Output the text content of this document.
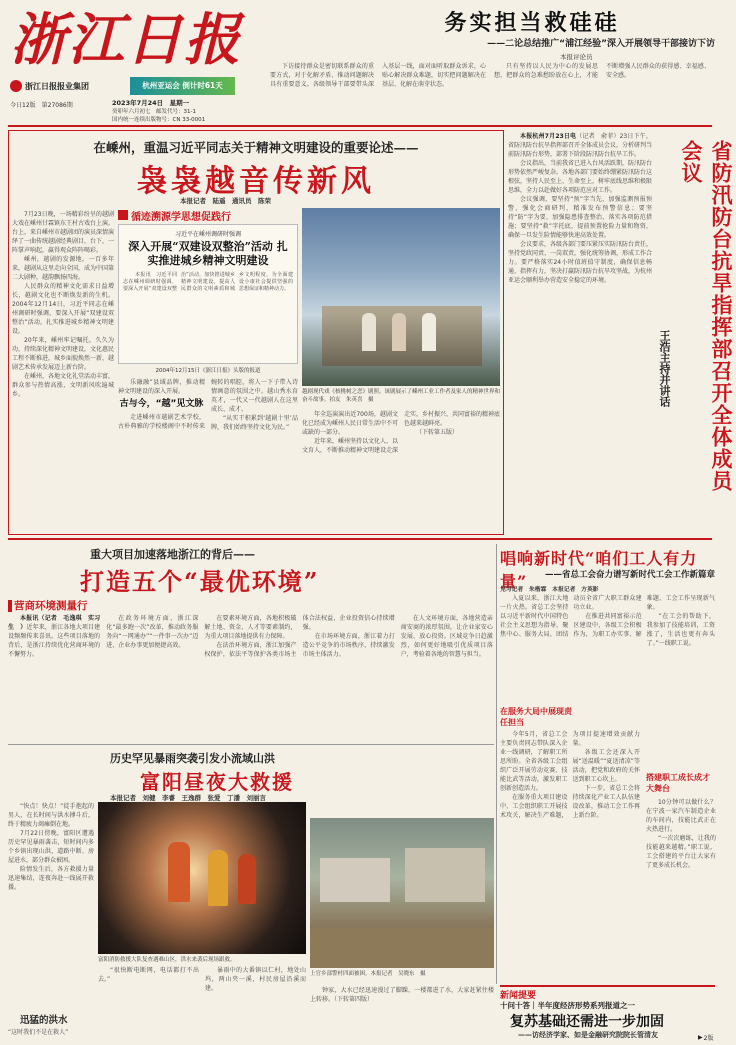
浙江日报
浙江日报报业集团	杭州亚运会 倒计时61天
今日12版　第27086期	2023年7月24日　星期一
癸卯年六月初七　邮发代号：31-1
国内统一连续出版物号：CN 33-0001
务实担当救硅硅
——二论总结推广“浦江经验”深入开展领导干部接访下访
本报评论员

下访接待群众是密切联系群众的重要方式，对于化解矛盾、推动问题解决具有重要意义。各级领导干部要带头深入基层一线，面对面听取群众诉求，心贴心解决群众难题，切实把问题解决在基层、化解在萌芽状态。

只有坚持以人民为中心的发展思想，把群众的急难愁盼放在心上，才能不断增强人民群众的获得感、幸福感、安全感。

在嵊州，重温习近平同志关于精神文明建设的重要论述——
袅袅越音传新风
本报记者　陆遥　通讯员　陈荣

7月23日晚，一场精彩纷呈的越剧大戏在嵊州甘霖镇东王村古戏台上演。台上，来自嵊州市越剧团的演员深情演绎了一曲传统越剧经典剧目，台下，一阵掌声响起，赢得观众阵阵喝彩。

嵊州，越剧的发源地。一百多年来，越剧从这里走向全国，成为中国第二大剧种，越韵飘扬四海。

人民群众的精神文化需求日益增长，越剧文化也不断焕发新的生机。2004年12月14日，习近平同志在嵊州调研时强调，要深入开展“双建设双整治”活动，扎实推进城乡精神文明建设。

20年来，嵊州牢记嘱托，久久为功，持续深化精神文明建设，文化惠民工程不断推进，城乡面貌焕然一新，越剧艺术传承发展迈上新台阶。

在嵊州，各地文化礼堂活动丰富，群众参与热情高涨，文明新风吹遍城乡。

循迹溯源学思想促践行
习近平在嵊州调研时强调
深入开展“双建设双整治”活动 扎实推进城乡精神文明建设

本报讯　习近平同志在嵊州调研时强调，要深入开展“双建设双整治”活动，加快推进城乡精神文明建设，提高人民群众的文明素质和城乡文明程度，为全面建设小康社会提供坚强的思想保证和精神动力。

2004年12月15日《浙江日报》头版的报道
越剧现代戏《核桃树之恋》剧照。该剧展示了嵊州工业工作者及家人的精神世界和奋斗故事。拍友　朱英喜　摄

乐融融”县域品牌，推动精神文明建设的深入开展。

古与今，“越”见文脉

走进嵊州市越剧艺术学校，古朴典雅的学校楼阁中不时传来婉转的唱腔，将人一下子带入诗情画意的氛围之中。越山秀水育英才，一代又一代越剧人在这里成长、成才。

“从实干积累到‘越剧十里’品牌，我们始终坚持文化为民。”

年全巡演演出近700场，越剧文化已经成为嵊州人民日常生活中不可或缺的一部分。

近年来，嵊州坚持以文化人、以文育人，不断推动精神文明建设走深走实，乡村振兴、共同富裕的精神底色越来越鲜亮。

（下转第五版）	省防汛防台抗旱指挥部召开全体成员会议
王浩主持并讲话

本报杭州7月23日电（记者　俞菲）23日下午，省防汛防台抗旱指挥部召开全体成员会议，分析研判当前防汛防台形势，部署下阶段防汛防台抗旱工作。

会议指出，当前我省已进入台风活跃期，防汛防台形势依然严峻复杂。各地各部门要始终绷紧防汛防台这根弦，坚持人民至上、生命至上，树牢底线思维和极限思维，全力以赴做好各项防范应对工作。

会议强调，要坚持“预”字当先，加强监测预报预警，强化会商研判，精准发布预警信息；要坚持“防”字为要，加强隐患排查整治，落实各项防范措施；要坚持“救”字托底，提前预置抢险力量和物资，确保一旦发生险情能够快速高效处置。

会议要求，各级各部门要压紧压实防汛防台责任，坚持党政同责、一岗双责，强化统筹协调，形成工作合力。要严格落实24小时值班值守制度，确保信息畅通、指挥有力，坚决打赢防汛防台抗旱攻坚战，为杭州亚运会顺利举办营造安全稳定的环境。

重大项目加速落地浙江的背后——
打造五个“最优环境”
营商环境测量行

本报讯（记者　毛逸琪　实习生　）近年来，浙江各地大项目建设频频传来喜讯。这些项目落地的背后，是浙江持续优化营商环境的不懈努力。

在政务环境方面，浙江深化“最多跑一次”改革，推动政务服务向“一网通办”“一件事一次办”迈进，企业办事更加便捷高效。

在要素环境方面，各地积极破解土地、资金、人才等要素制约，为重大项目落地提供有力保障。

在法治环境方面，浙江加强产权保护，依法平等保护各类市场主体合法权益，企业投资信心持续增强。

在市场环境方面，浙江着力打造公平竞争的市场秩序，持续激发市场主体活力。

在人文环境方面，各地营造亲商安商的浓厚氛围，让企业家安心发展、放心投资。区域竞争日趋激烈，如何更好地吸引优质项目落户，考验着各地的智慧与担当。

唱响新时代“咱们工人有力量”	——省总工会奋力谱写新时代工会工作新篇章
见习记者　朱楷霖　本报记者　方英影

入夏以来，浙江大地一片火热。省总工会坚持以习近平新时代中国特色社会主义思想为指导，聚焦中心、服务大局，团结动员全省广大职工群众建功立业。

在推进共同富裕示范区建设中，各级工会积极作为，为职工办实事、解难题，工会工作呈现新气象。

“在工会的帮助下，我参加了技能培训，工资涨了，生活也更有奔头了。”一线职工说。

在服务大局中展现责任担当

今年5月，省总工会主要负责同志带队深入企业一线调研，了解职工所思所盼。全省各级工会组织广泛开展劳动竞赛、技能比武等活动，激发职工创新创造活力。

在服务重大项目建设中，工会组织职工开展技术攻关，解决生产难题，为项目提速增效贡献力量。

各级工会还深入开展“送温暖”“夏送清凉”等活动，把党和政府的关怀送到职工心坎上。

下一步，省总工会将持续深化产业工人队伍建设改革，推动工会工作再上新台阶。

搭建职工成长成才大舞台

10分钟可以做什么？在宁波一家汽车制造企业的车间内，技能比武正在火热进行。

“一次次磨练，让我的技能越来越精。”职工说，工会搭建的平台让大家有了更多成长机会。

历史罕见暴雨突袭引发小流域山洪
富阳昼夜大救援
本报记者　刘健　李睿　王逸群　张爱　丁潘　刘丽言

“快点！快点！”徒手抱起的男人，在长时间与洪水搏斗后，终于精疲力竭瘫倒在地。

7月22日傍晚，富阳区遭遇历史罕见暴雨袭击，短时间内多个乡镇出现山洪，道路中断、房屋进水，部分群众被困。

险情发生后，各方救援力量迅速集结，连夜奔赴一线展开救援。

富阳消防救援大队复查遇难山区，洪水来袭后现场跟救。
上官乡部警村四面被困。本报记者　吴晓东　摄
迅猛的洪水
“这时我们不是在救人”

“很快断电断网，电话都打不出去。”

暴雨中的大番镇以仁村，地处山坞，两山夹一溪，村民房屋沿溪而建。	钟家，大水已经迅速漫过了脚踝，一楼都进了水，大家赶紧往楼上转移。（下转第四版）	新闻提要
十问十答｜半年度经济形势系列报道之一
复苏基础还需进一步加固
——访经济学家、如是金融研究院院长管清友	▶ 2版
